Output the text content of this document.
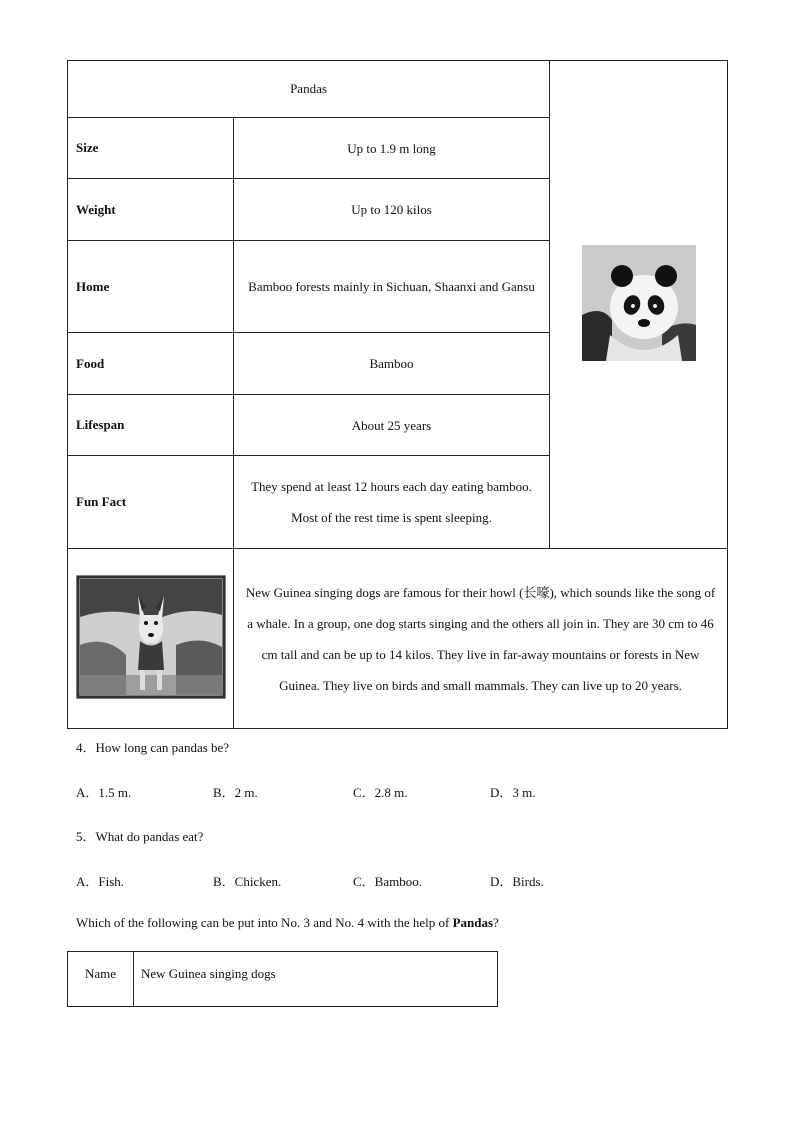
Pandas	
Size	Up to 1.9 m long	
Weight	Up to 120 kilos	
Home	Bamboo forests mainly in Sichuan, Shaanxi and Gansu	
Food	Bamboo	
Lifespan	About 25 years	
Fun Fact	They spend at least 12 hours each day eating bamboo. Most of the rest time is spent sleeping.	
	New Guinea singing dogs are famous for their howl (长嚎), which sounds like the song of a whale. In a group, one dog starts singing and the others all join in. They are 30 cm to 46 cm tall and can be up to 14 kilos. They live in far-away mountains or forests in New Guinea. They live on birds and small mammals. They can live up to 20 years.	
4．How long can pandas be?
A．1.5 m.	B．2 m.	C．2.8 m.	D．3 m.
5．What do pandas eat?
A．Fish.	B．Chicken.	C．Bamboo.	D．Birds.
Which of the following can be put into No. 3 and No. 4 with the help of Pandas?
Name	New Guinea singing dogs
